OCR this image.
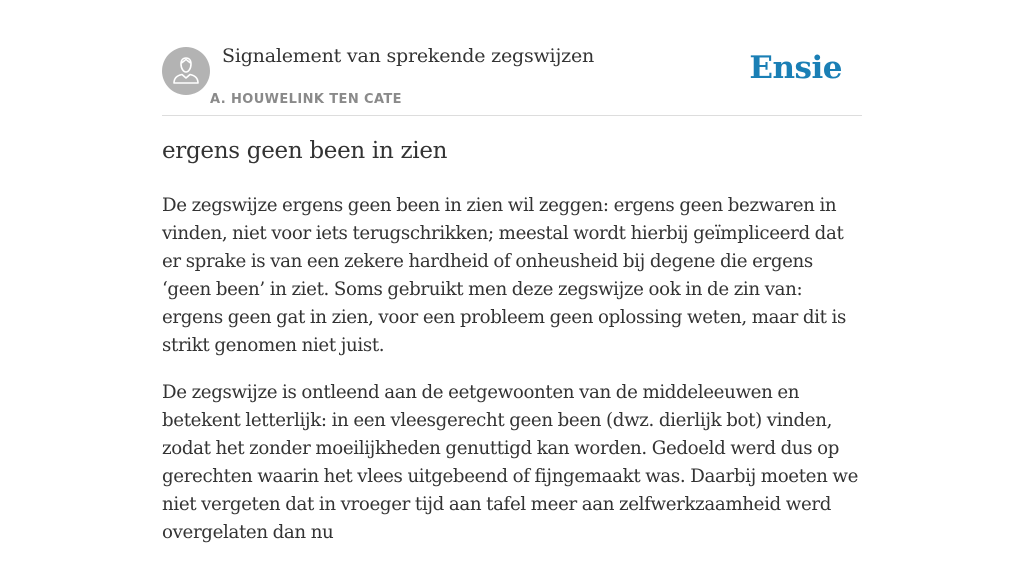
Signalement van sprekende zegswijzen
A. HOUWELINK TEN CATE
Ensie
ergens geen been in zien

De zegswijze ergens geen been in zien wil zeggen: ergens geen bezwaren in vinden, niet voor iets terugschrikken; meestal wordt hierbij geïmpliceerd dat er sprake is van een zekere hardheid of onheusheid bij degene die ergens ‘geen been’ in ziet. Soms gebruikt men deze zegswijze ook in de zin van: ergens geen gat in zien, voor een probleem geen oplossing weten, maar dit is strikt genomen niet juist.

De zegswijze is ontleend aan de eetgewoonten van de middeleeuwen en betekent letterlijk: in een vleesgerecht geen been (dwz. dierlijk bot) vinden, zodat het zonder moeilijkheden genuttigd kan worden. Gedoeld werd dus op gerechten waarin het vlees uitgebeend of fijngemaakt was. Daarbij moeten we niet vergeten dat in vroeger tijd aan tafel meer aan zelfwerkzaamheid werd overgelaten dan nu
